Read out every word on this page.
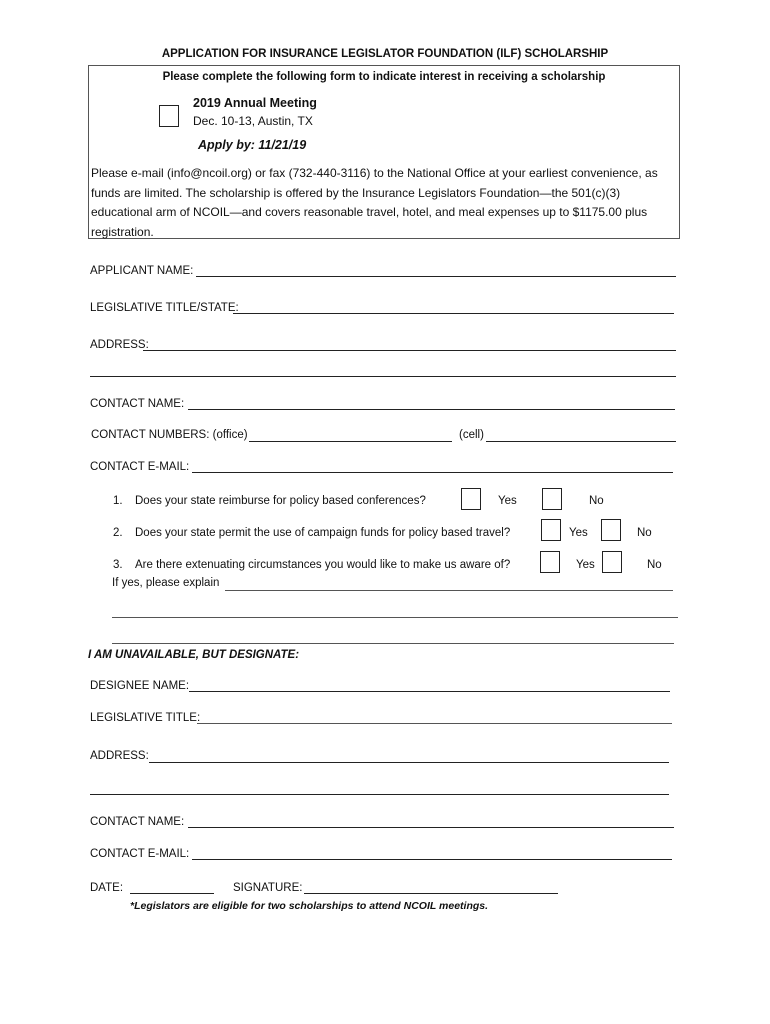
APPLICATION FOR INSURANCE LEGISLATOR FOUNDATION (ILF) SCHOLARSHIP
Please complete the following form to indicate interest in receiving a scholarship
2019 Annual Meeting
Dec. 10-13, Austin, TX
Apply by: 11/21/19
Please e-mail (info@ncoil.org) or fax (732-440-3116) to the National Office at your earliest convenience, as funds are limited. The scholarship is offered by the Insurance Legislators Foundation—the 501(c)(3) educational arm of NCOIL—and covers reasonable travel, hotel, and meal expenses up to $1175.00 plus registration.
APPLICANT NAME:
LEGISLATIVE TITLE/STATE:
ADDRESS:
CONTACT NAME:
CONTACT NUMBERS: (office)	(cell)
CONTACT E-MAIL:
1. Does your state reimburse for policy based conferences?	Yes	No
2. Does your state permit the use of campaign funds for policy based travel?	Yes	No
3. Are there extenuating circumstances you would like to make us aware of?	Yes	No
If yes, please explain
I AM UNAVAILABLE, BUT DESIGNATE:
DESIGNEE NAME:
LEGISLATIVE TITLE:
ADDRESS:
CONTACT NAME:
CONTACT E-MAIL:
DATE:	SIGNATURE:
*Legislators are eligible for two scholarships to attend NCOIL meetings.
